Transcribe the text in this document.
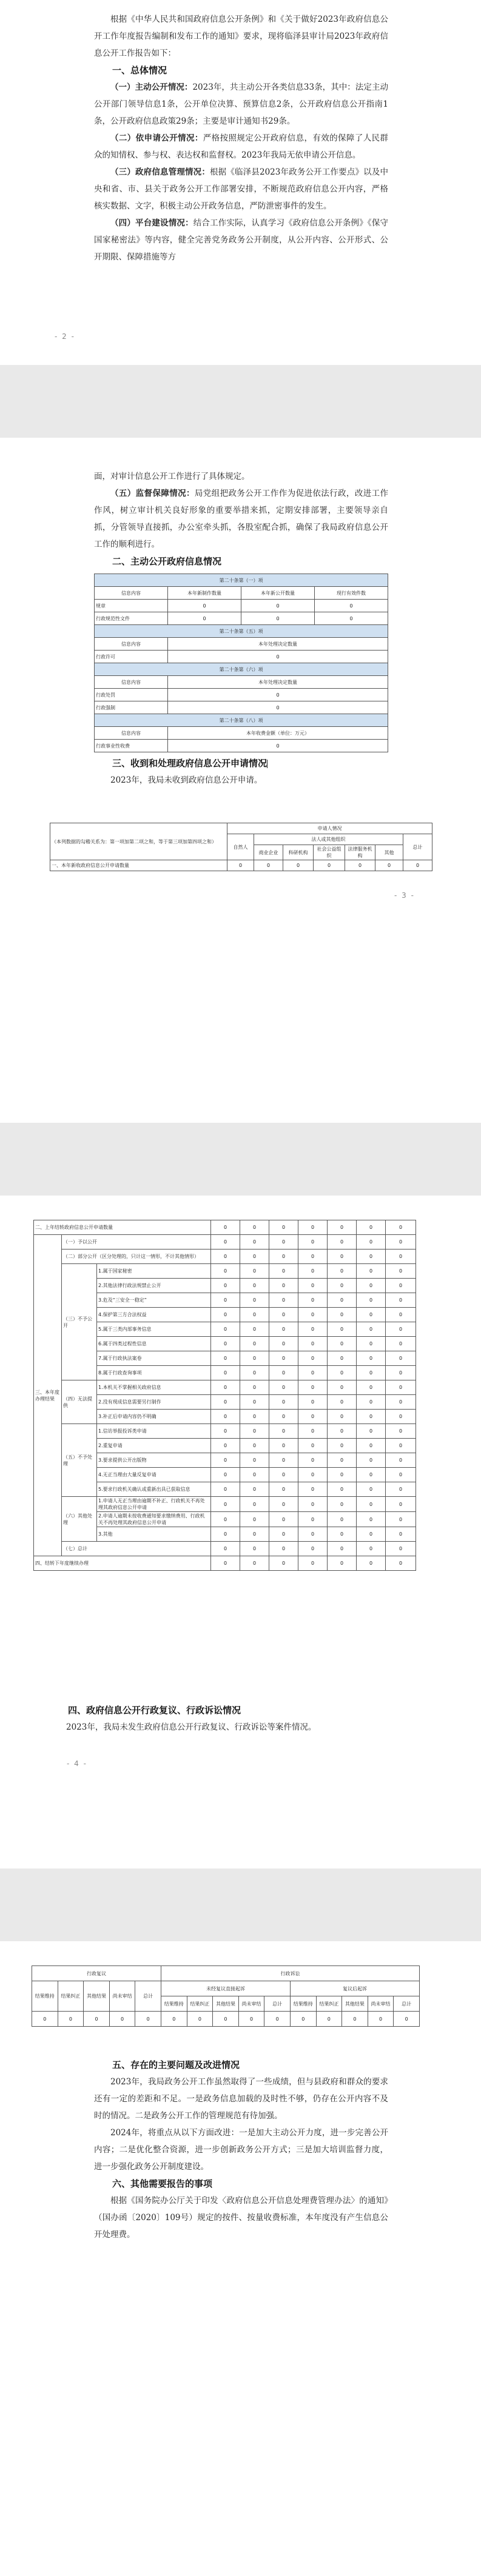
根据《中华人民共和国政府信息公开条例》和《关于做好2023年政府信息公开工作年度报告编制和发布工作的通知》要求，现将临泽县审计局2023年政府信息公开工作报告如下：

一、总体情况

（一）主动公开情况：2023年，共主动公开各类信息33条，其中：法定主动公开部门领导信息1条，公开单位决算、预算信息2条，公开政府信息公开指南1条，公开政府信息政策29条；主要是审计通知书29条。

（二）依申请公开情况：严格按照规定公开政府信息，有效的保障了人民群众的知情权、参与权、表达权和监督权。2023年我局无依申请公开信息。

（三）政府信息管理情况：根据《临泽县2023年政务公开工作要点》以及中央和省、市、县关于政务公开工作部署安排，不断规范政府信息公开内容，严格核实数据、文字，积极主动公开政务信息，严防泄密事件的发生。

（四）平台建设情况：结合工作实际，认真学习《政府信息公开条例》《保守国家秘密法》等内容，健全完善党务政务公开制度，从公开内容、公开形式、公开期限、保障措施等方

- 2 -

面，对审计信息公开工作进行了具体规定。

（五）监督保障情况：局党组把政务公开工作作为促进依法行政，改进工作作风，树立审计机关良好形象的重要举措来抓，定期安排部署，主要领导亲自抓，分管领导直接抓，办公室牵头抓，各股室配合抓，确保了我局政府信息公开工作的顺利进行。

二、主动公开政府信息情况
第二十条第（一）项			
信息内容	本年新制作数量	本年新公开数量	现行有效件数
规章	0	0	0
行政规范性文件	0	0	0
第二十条第（五）项			
信息内容	本年处理决定数量		
行政许可	0		
第二十条第（六）项			
信息内容	本年处理决定数量		
行政处罚	0		
行政强制	0		
第二十条第（八）项			
信息内容	本年收费金额（单位：万元）		
行政事业性收费	0		
三、收到和处理政府信息公开申请情况

2023年，我局未收到政府信息公开申请。

（本列数据的勾稽关系为：第一项加第二项之和，等于第三项加第四项之和）	申请人情况						
	自然人	法人或其他组织					总计
		商业企业	科研机构	社会公益组织	法律服务机构	其他	
一、本年新收政府信息公开申请数量	0	0	0	0	0	0	0
- 3 -
二、上年结转政府信息公开申请数量			0	0	0	0	0	0	0
三、本年度办理结果	（一）予以公开		0	0	0	0	0	0	0
	（二）部分公开（区分处理的，只计这一情形，不计其他情形）		0	0	0	0	0	0	0
	（三）不予公开	1.属于国家秘密	0	0	0	0	0	0	0
		2.其他法律行政法规禁止公开	0	0	0	0	0	0	0
		3.危及“三安全一稳定”	0	0	0	0	0	0	0
		4.保护第三方合法权益	0	0	0	0	0	0	0
		5.属于三类内部事务信息	0	0	0	0	0	0	0
		6.属于四类过程性信息	0	0	0	0	0	0	0
		7.属于行政执法案卷	0	0	0	0	0	0	0
		8.属于行政查询事项	0	0	0	0	0	0	0
	（四）无法提供	1.本机关不掌握相关政府信息	0	0	0	0	0	0	0
		2.没有现成信息需要另行制作	0	0	0	0	0	0	0
		3.补正后申请内容仍不明确	0	0	0	0	0	0	0
	（五）不予处理	1.信访举报投诉类申请	0	0	0	0	0	0	0
		2.重复申请	0	0	0	0	0	0	0
		3.要求提供公开出版物	0	0	0	0	0	0	0
		4.无正当理由大量反复申请	0	0	0	0	0	0	0
		5.要求行政机关确认或重新出具已获取信息	0	0	0	0	0	0	0
	（六）其他处理	1.申请人无正当理由逾期不补正、行政机关不再处理其政府信息公开申请	0	0	0	0	0	0	0
		2.申请人逾期未按收费通知要求缴纳费用、行政机关不再处理其政府信息公开申请	0	0	0	0	0	0	0
		3.其他	0	0	0	0	0	0	0
	（七）总计		0	0	0	0	0	0	0
四、结转下年度继续办理			0	0	0	0	0	0	0
四、政府信息公开行政复议、行政诉讼情况

2023年，我局未发生政府信息公开行政复议、行政诉讼等案件情况。

- 4 -
行政复议					行政诉讼									
结果维持	结果纠正	其他结果	尚未审结	总计	未经复议直接起诉					复议后起诉				
					结果维持	结果纠正	其他结果	尚未审结	总计	结果维持	结果纠正	其他结果	尚未审结	总计
0	0	0	0	0	0	0	0	0	0	0	0	0	0	0
五、存在的主要问题及改进情况

2023年，我局政务公开工作虽然取得了一些成绩，但与县政府和群众的要求还有一定的差距和不足。一是政务信息加载的及时性不够，仍存在公开内容不及时的情况。二是政务公开工作的管理规范有待加强。

2024年，将重点从以下方面改进：一是加大主动公开力度，进一步完善公开内容；二是优化整合资源，进一步创新政务公开方式；三是加大培训监督力度，进一步强化政务公开制度建设。

六、其他需要报告的事项

根据《国务院办公厅关于印发〈政府信息公开信息处理费管理办法〉的通知》（国办函〔2020〕109号）规定的按件、按量收费标准，本年度没有产生信息公开处理费。
